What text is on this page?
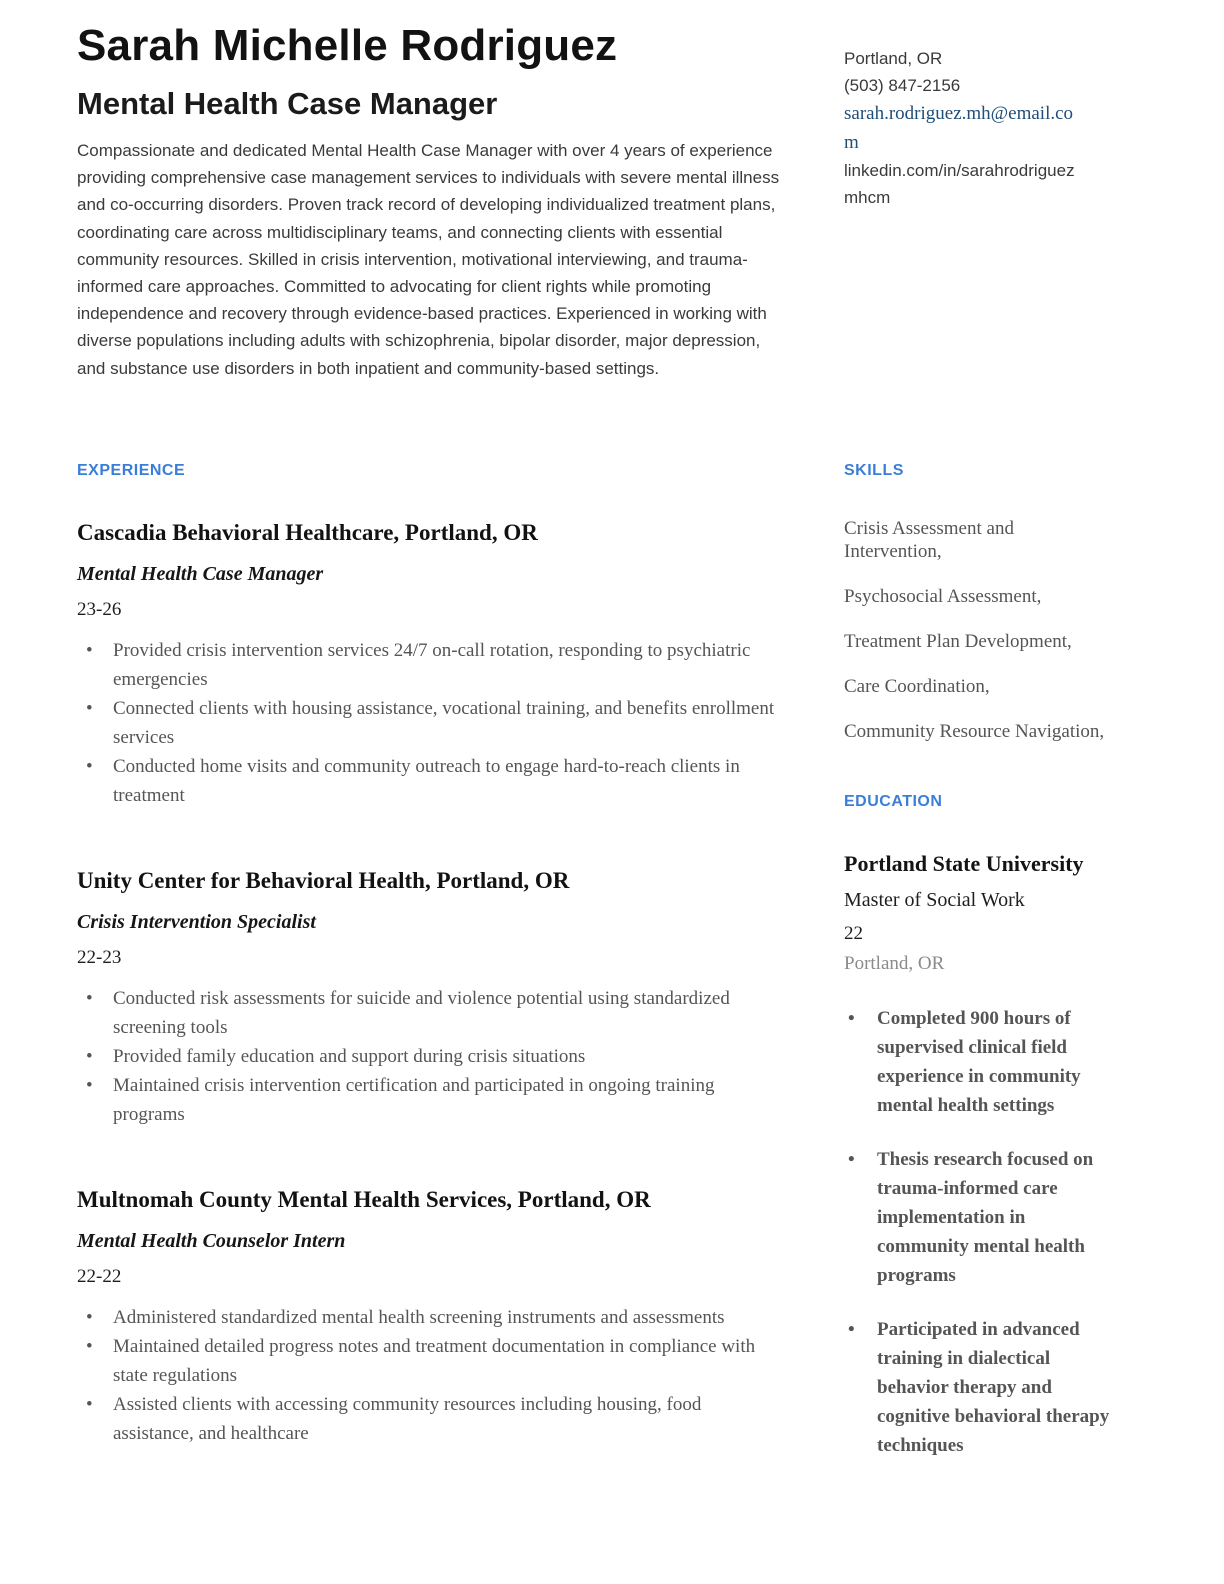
Sarah Michelle Rodriguez
Mental Health Case Manager

Compassionate and dedicated Mental Health Case Manager with over 4 years of experience providing comprehensive case management services to individuals with severe mental illness and co-occurring disorders. Proven track record of developing individualized treatment plans, coordinating care across multidisciplinary teams, and connecting clients with essential community resources. Skilled in crisis intervention, motivational interviewing, and trauma-informed care approaches. Committed to advocating for client rights while promoting independence and recovery through evidence-based practices. Experienced in working with diverse populations including adults with schizophrenia, bipolar disorder, major depression, and substance use disorders in both inpatient and community-based settings.

Portland, OR
(503) 847-2156
sarah.rodriguez.mh@email.com
linkedin.com/in/sarahrodriguezmhcm
EXPERIENCE
Cascadia Behavioral Healthcare, Portland, OR
Mental Health Case Manager
23-26
• Provided crisis intervention services 24/7 on-call rotation, responding to psychiatric emergencies
• Connected clients with housing assistance, vocational training, and benefits enrollment services
• Conducted home visits and community outreach to engage hard-to-reach clients in treatment
Unity Center for Behavioral Health, Portland, OR
Crisis Intervention Specialist
22-23
• Conducted risk assessments for suicide and violence potential using standardized screening tools
• Provided family education and support during crisis situations
• Maintained crisis intervention certification and participated in ongoing training programs
Multnomah County Mental Health Services, Portland, OR
Mental Health Counselor Intern
22-22
• Administered standardized mental health screening instruments and assessments
• Maintained detailed progress notes and treatment documentation in compliance with state regulations
• Assisted clients with accessing community resources including housing, food assistance, and healthcare
SKILLS

Crisis Assessment and Intervention,

Psychosocial Assessment,

Treatment Plan Development,

Care Coordination,

Community Resource Navigation,

EDUCATION
Portland State University
Master of Social Work
22
Portland, OR
• Completed 900 hours of supervised clinical field experience in community mental health settings
• Thesis research focused on trauma-informed care implementation in community mental health programs
• Participated in advanced training in dialectical behavior therapy and cognitive behavioral therapy techniques
